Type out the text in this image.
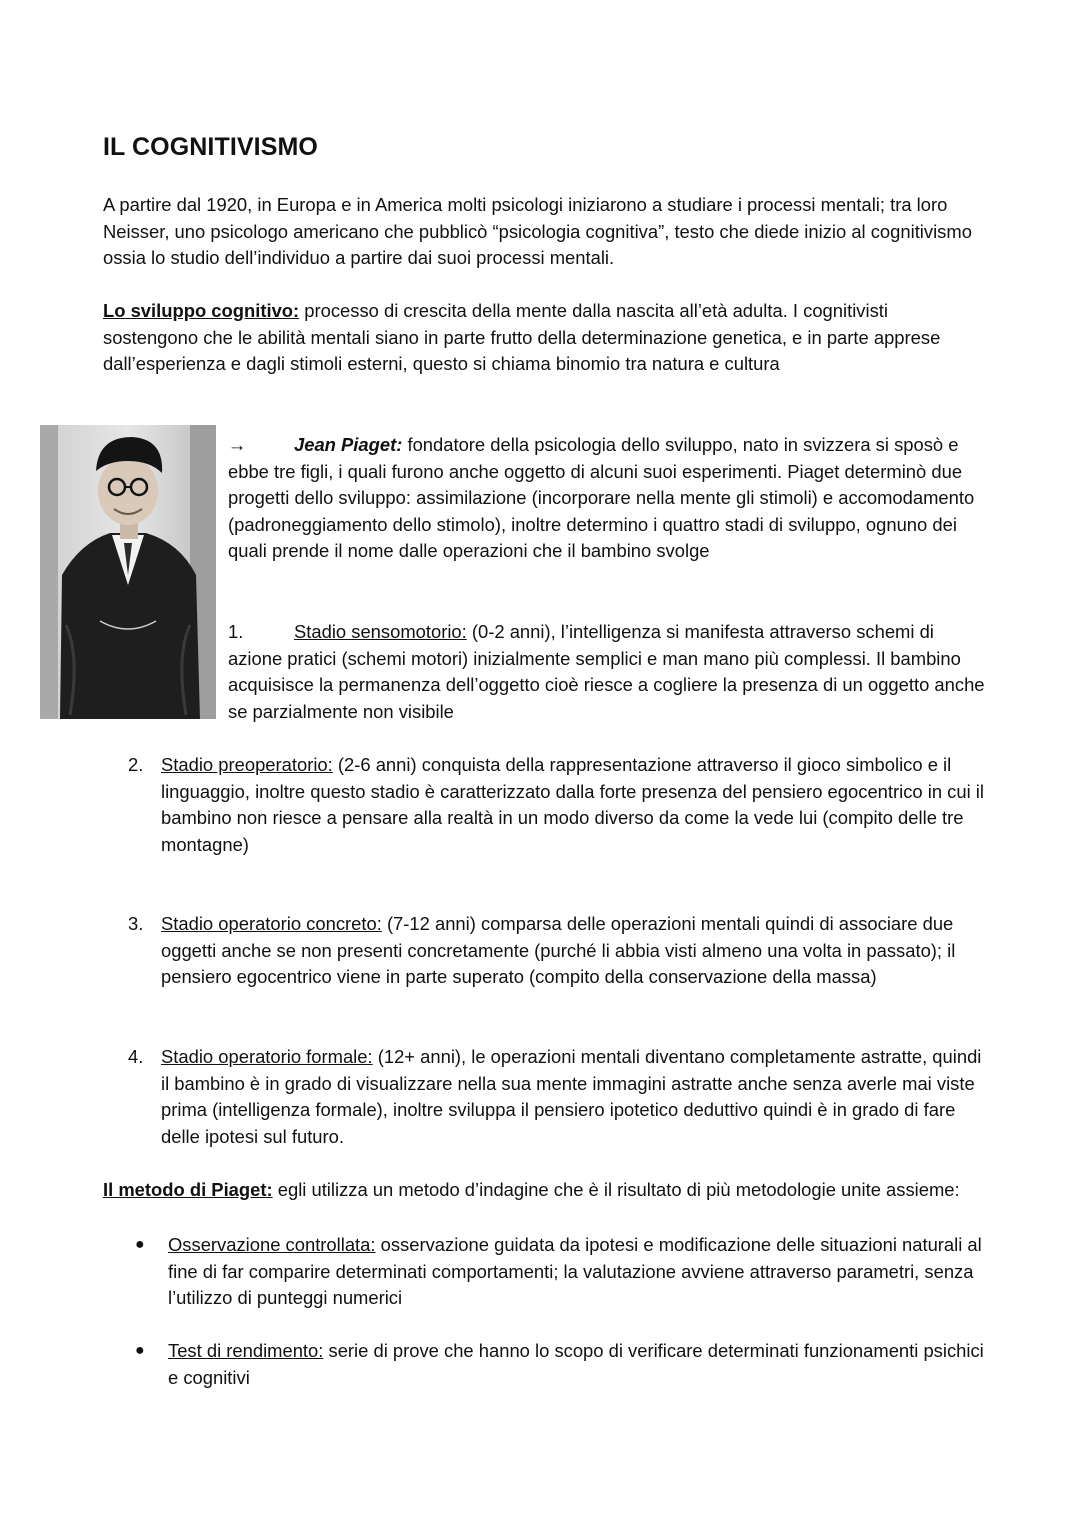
IL COGNITIVISMO

A partire dal 1920, in Europa e in America molti psicologi iniziarono a studiare i processi mentali; tra loro Neisser, uno psicologo americano che pubblicò “psicologia cognitiva”, testo che diede inizio al cognitivismo ossia lo studio dell’individuo a partire dai suoi processi mentali.

Lo sviluppo cognitivo: processo di crescita della mente dalla nascita all’età adulta. I cognitivisti sostengono che le abilità mentali siano in parte frutto della determinazione genetica, e in parte apprese dall’esperienza e dagli stimoli esterni, questo si chiama binomio tra natura e cultura

→	Jean Piaget: fondatore della psicologia dello sviluppo, nato in svizzera si sposò e ebbe tre figli, i quali furono anche oggetto di alcuni suoi esperimenti. Piaget determinò due progetti dello sviluppo: assimilazione (incorporare nella mente gli stimoli) e accomodamento (padroneggiamento dello stimolo), inoltre determino i quattro stadi di sviluppo, ognuno dei quali prende il nome dalle operazioni che il bambino svolge

1.	Stadio sensomotorio: (0-2 anni), l’intelligenza si manifesta attraverso schemi di azione pratici (schemi motori) inizialmente semplici e man mano più complessi. Il bambino acquisisce la permanenza dell’oggetto cioè riesce a cogliere la presenza di un oggetto anche se parzialmente non visibile

2. Stadio preoperatorio: (2-6 anni) conquista della rappresentazione attraverso il gioco simbolico e il linguaggio, inoltre questo stadio è caratterizzato dalla forte presenza del pensiero egocentrico in cui il bambino non riesce a pensare alla realtà in un modo diverso da come la vede lui (compito delle tre montagne)
3. Stadio operatorio concreto: (7-12 anni) comparsa delle operazioni mentali quindi di associare due oggetti anche se non presenti concretamente (purché li abbia visti almeno una volta in passato); il pensiero egocentrico viene in parte superato (compito della conservazione della massa)
4. Stadio operatorio formale: (12+ anni), le operazioni mentali diventano completamente astratte, quindi il bambino è in grado di visualizzare nella sua mente immagini astratte anche senza averle mai viste prima (intelligenza formale), inoltre sviluppa il pensiero ipotetico deduttivo quindi è in grado di fare delle ipotesi sul futuro.

Il metodo di Piaget: egli utilizza un metodo d’indagine che è il risultato di più metodologie unite assieme:

● Osservazione controllata: osservazione guidata da ipotesi e modificazione delle situazioni naturali al fine di far comparire determinati comportamenti; la valutazione avviene attraverso parametri, senza l’utilizzo di punteggi numerici
● Test di rendimento: serie di prove che hanno lo scopo di verificare determinati funzionamenti psichici e cognitivi
